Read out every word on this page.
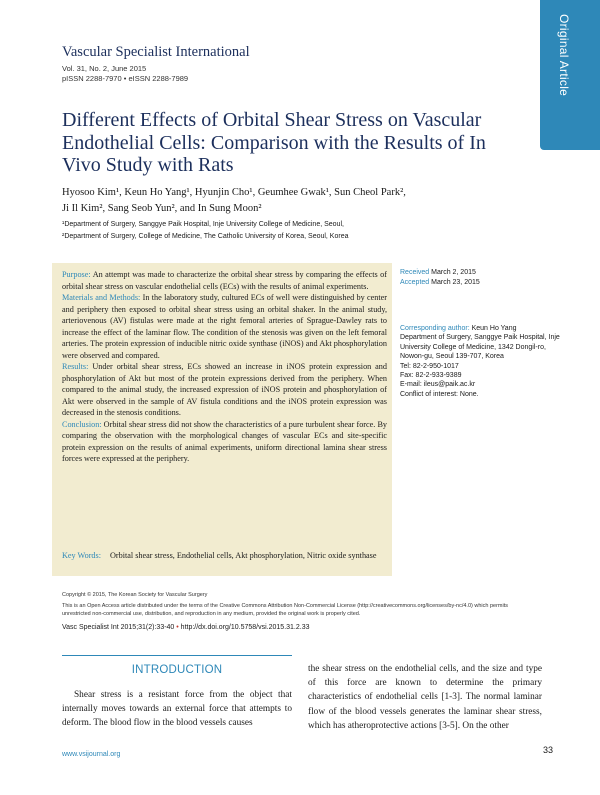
Original Article
Vascular Specialist International
Vol. 31, No. 2, June 2015
pISSN 2288-7970 • eISSN 2288-7989
Different Effects of Orbital Shear Stress on Vascular Endothelial Cells: Comparison with the Results of In Vivo Study with Rats
Hyosoo Kim¹, Keun Ho Yang¹, Hyunjin Cho¹, Geumhee Gwak¹, Sun Cheol Park²,
Ji Il Kim², Sang Seob Yun², and In Sung Moon²
¹Department of Surgery, Sanggye Paik Hospital, Inje University College of Medicine, Seoul,
²Department of Surgery, College of Medicine, The Catholic University of Korea, Seoul, Korea

Purpose: An attempt was made to characterize the orbital shear stress by comparing the effects of orbital shear stress on vascular endothelial cells (ECs) with the results of animal experiments.

Materials and Methods: In the laboratory study, cultured ECs of well were distinguished by center and periphery then exposed to orbital shear stress using an orbital shaker. In the animal study, arteriovenous (AV) fistulas were made at the right femoral arteries of Sprague-Dawley rats to increase the effect of the laminar flow. The condition of the stenosis was given on the left femoral arteries. The protein expression of inducible nitric oxide synthase (iNOS) and Akt phosphorylation were observed and compared.

Results: Under orbital shear stress, ECs showed an increase in iNOS protein expression and phosphorylation of Akt but most of the protein expressions derived from the periphery. When compared to the animal study, the increased expression of iNOS protein and phosphorylation of Akt were observed in the sample of AV fistula conditions and the iNOS protein expression was decreased in the stenosis conditions.

Conclusion: Orbital shear stress did not show the characteristics of a pure turbulent shear force. By comparing the observation with the morphological changes of vascular ECs and site-specific protein expression on the results of animal experiments, uniform directional lamina shear stress forces were expressed at the periphery.

Key Words: Orbital shear stress, Endothelial cells, Akt phosphorylation, Nitric oxide synthase
Received March 2, 2015
Accepted March 23, 2015
Corresponding author: Keun Ho Yang
Department of Surgery, Sanggye Paik Hospital, Inje University College of Medicine, 1342 Dongil-ro, Nowon-gu, Seoul 139-707, Korea
Tel: 82-2-950-1017
Fax: 82-2-933-9389
E-mail: ileus@paik.ac.kr
Conflict of interest: None.
Copyright © 2015, The Korean Society for Vascular Surgery
This is an Open Access article distributed under the terms of the Creative Commons Attribution Non-Commercial License (http://creativecommons.org/licenses/by-nc/4.0) which permits unrestricted non-commercial use, distribution, and reproduction in any medium, provided the original work is properly cited.
Vasc Specialist Int 2015;31(2):33-40 • http://dx.doi.org/10.5758/vsi.2015.31.2.33
INTRODUCTION
Shear stress is a resistant force from the object that internally moves towards an external force that attempts to deform. The blood flow in the blood vessels causes
the shear stress on the endothelial cells, and the size and type of this force are known to determine the primary characteristics of endothelial cells [1-3]. The normal laminar flow of the blood vessels generates the laminar shear stress, which has atheroprotective actions [3-5]. On the other
www.vsijournal.org	33
